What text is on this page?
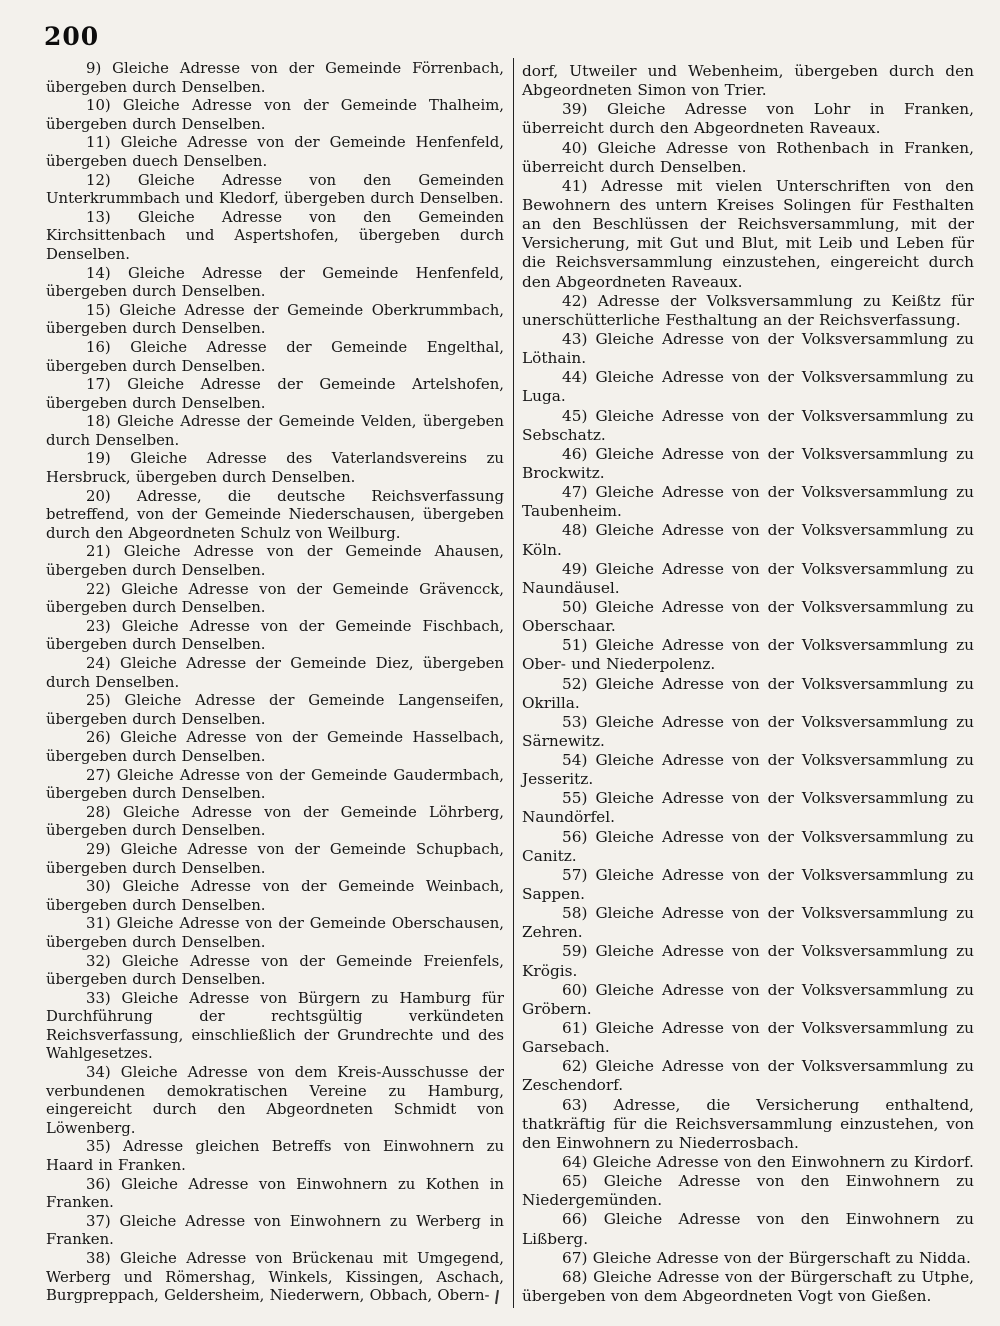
200

9) Gleiche Adresse von der Gemeinde Förrenbach, übergeben durch Denselben.

10) Gleiche Adresse von der Gemeinde Thalheim, übergeben durch Denselben.

11) Gleiche Adresse von der Gemeinde Henfenfeld, übergeben duech Denselben.

12) Gleiche Adresse von den Gemeinden Unterkrummbach und Kledorf, übergeben durch Denselben.

13) Gleiche Adresse von den Gemeinden Kirchsittenbach und Aspertshofen, übergeben durch Denselben.

14) Gleiche Adresse der Gemeinde Henfenfeld, übergeben durch Denselben.

15) Gleiche Adresse der Gemeinde Oberkrummbach, übergeben durch Denselben.

16) Gleiche Adresse der Gemeinde Engelthal, übergeben durch Denselben.

17) Gleiche Adresse der Gemeinde Artelshofen, übergeben durch Denselben.

18) Gleiche Adresse der Gemeinde Velden, übergeben durch Denselben.

19) Gleiche Adresse des Vaterlandsvereins zu Hersbruck, übergeben durch Denselben.

20) Adresse, die deutsche Reichsverfassung betreffend, von der Gemeinde Niederschausen, übergeben durch den Abgeordneten Schulz von Weilburg.

21) Gleiche Adresse von der Gemeinde Ahausen, übergeben durch Denselben.

22) Gleiche Adresse von der Gemeinde Grävencck, übergeben durch Denselben.

23) Gleiche Adresse von der Gemeinde Fischbach, übergeben durch Denselben.

24) Gleiche Adresse der Gemeinde Diez, übergeben durch Denselben.

25) Gleiche Adresse der Gemeinde Langenseifen, übergeben durch Denselben.

26) Gleiche Adresse von der Gemeinde Hasselbach, übergeben durch Denselben.

27) Gleiche Adresse von der Gemeinde Gaudermbach, übergeben durch Denselben.

28) Gleiche Adresse von der Gemeinde Löhrberg, übergeben durch Denselben.

29) Gleiche Adresse von der Gemeinde Schupbach, übergeben durch Denselben.

30) Gleiche Adresse von der Gemeinde Weinbach, übergeben durch Denselben.

31) Gleiche Adresse von der Gemeinde Oberschausen, übergeben durch Denselben.

32) Gleiche Adresse von der Gemeinde Freienfels, übergeben durch Denselben.

33) Gleiche Adresse von Bürgern zu Hamburg für Durchführung der rechtsgültig verkündeten Reichsverfassung, einschließlich der Grundrechte und des Wahlgesetzes.

34) Gleiche Adresse von dem Kreis-Ausschusse der verbundenen demokratischen Vereine zu Hamburg, eingereicht durch den Abgeordneten Schmidt von Löwenberg.

35) Adresse gleichen Betreffs von Einwohnern zu Haard in Franken.

36) Gleiche Adresse von Einwohnern zu Kothen in Franken.

37) Gleiche Adresse von Einwohnern zu Werberg in Franken.

38) Gleiche Adresse von Brückenau mit Umgegend, Werberg und Römershag, Winkels, Kissingen, Aschach, Burgpreppach, Geldersheim, Niederwern, Obbach, Obern-

dorf, Utweiler und Webenheim, übergeben durch den Abgeordneten Simon von Trier.

39) Gleiche Adresse von Lohr in Franken, überreicht durch den Abgeordneten Raveaux.

40) Gleiche Adresse von Rothenbach in Franken, überreicht durch Denselben.

41) Adresse mit vielen Unterschriften von den Bewohnern des untern Kreises Solingen für Festhalten an den Beschlüssen der Reichsversammlung, mit der Versicherung, mit Gut und Blut, mit Leib und Leben für die Reichsversammlung einzustehen, eingereicht durch den Abgeordneten Raveaux.

42) Adresse der Volksversammlung zu Keißtz für unerschütterliche Festhaltung an der Reichsverfassung.

43) Gleiche Adresse von der Volksversammlung zu Löthain.

44) Gleiche Adresse von der Volksversammlung zu Luga.

45) Gleiche Adresse von der Volksversammlung zu Sebschatz.

46) Gleiche Adresse von der Volksversammlung zu Brockwitz.

47) Gleiche Adresse von der Volksversammlung zu Taubenheim.

48) Gleiche Adresse von der Volksversammlung zu Köln.

49) Gleiche Adresse von der Volksversammlung zu Naundäusel.

50) Gleiche Adresse von der Volksversammlung zu Oberschaar.

51) Gleiche Adresse von der Volksversammlung zu Ober- und Niederpolenz.

52) Gleiche Adresse von der Volksversammlung zu Okrilla.

53) Gleiche Adresse von der Volksversammlung zu Särnewitz.

54) Gleiche Adresse von der Volksversammlung zu Jesseritz.

55) Gleiche Adresse von der Volksversammlung zu Naundörfel.

56) Gleiche Adresse von der Volksversammlung zu Canitz.

57) Gleiche Adresse von der Volksversammlung zu Sappen.

58) Gleiche Adresse von der Volksversammlung zu Zehren.

59) Gleiche Adresse von der Volksversammlung zu Krögis.

60) Gleiche Adresse von der Volksversammlung zu Gröbern.

61) Gleiche Adresse von der Volksversammlung zu Garsebach.

62) Gleiche Adresse von der Volksversammlung zu Zeschendorf.

63) Adresse, die Versicherung enthaltend, thatkräftig für die Reichsversammlung einzustehen, von den Einwohnern zu Niederrosbach.

64) Gleiche Adresse von den Einwohnern zu Kirdorf.

65) Gleiche Adresse von den Einwohnern zu Niedergemünden.

66) Gleiche Adresse von den Einwohnern zu Lißberg.

67) Gleiche Adresse von der Bürgerschaft zu Nidda.

68) Gleiche Adresse von der Bürgerschaft zu Utphe, übergeben von dem Abgeordneten Vogt von Gießen.
